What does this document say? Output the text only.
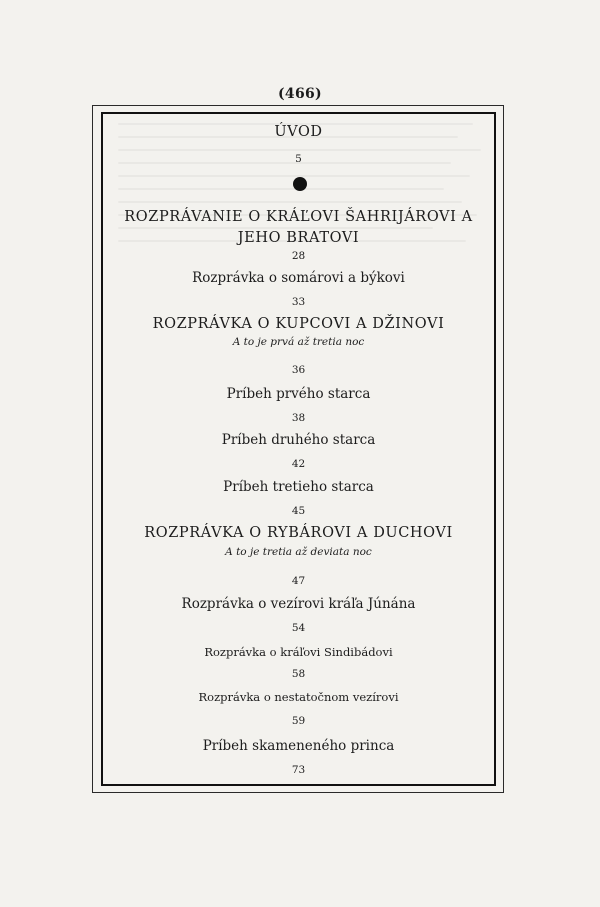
(466)
ÚVOD
5
ROZPRÁVANIE O KRÁĽOVI ŠAHRIJÁROVI A JEHO BRATOVI
28
Rozprávka o somárovi a býkovi
33
ROZPRÁVKA O KUPCOVI A DŽINOVI
A to je prvá až tretia noc
36
Príbeh prvého starca
38
Príbeh druhého starca
42
Príbeh tretieho starca
45
ROZPRÁVKA O RYBÁROVI A DUCHOVI
A to je tretia až deviata noc
47
Rozprávka o vezírovi kráľa Júnána
54
Rozprávka o kráľovi Sindibádovi
58
Rozprávka o nestatočnom vezírovi
59
Príbeh skameneného princa
73
